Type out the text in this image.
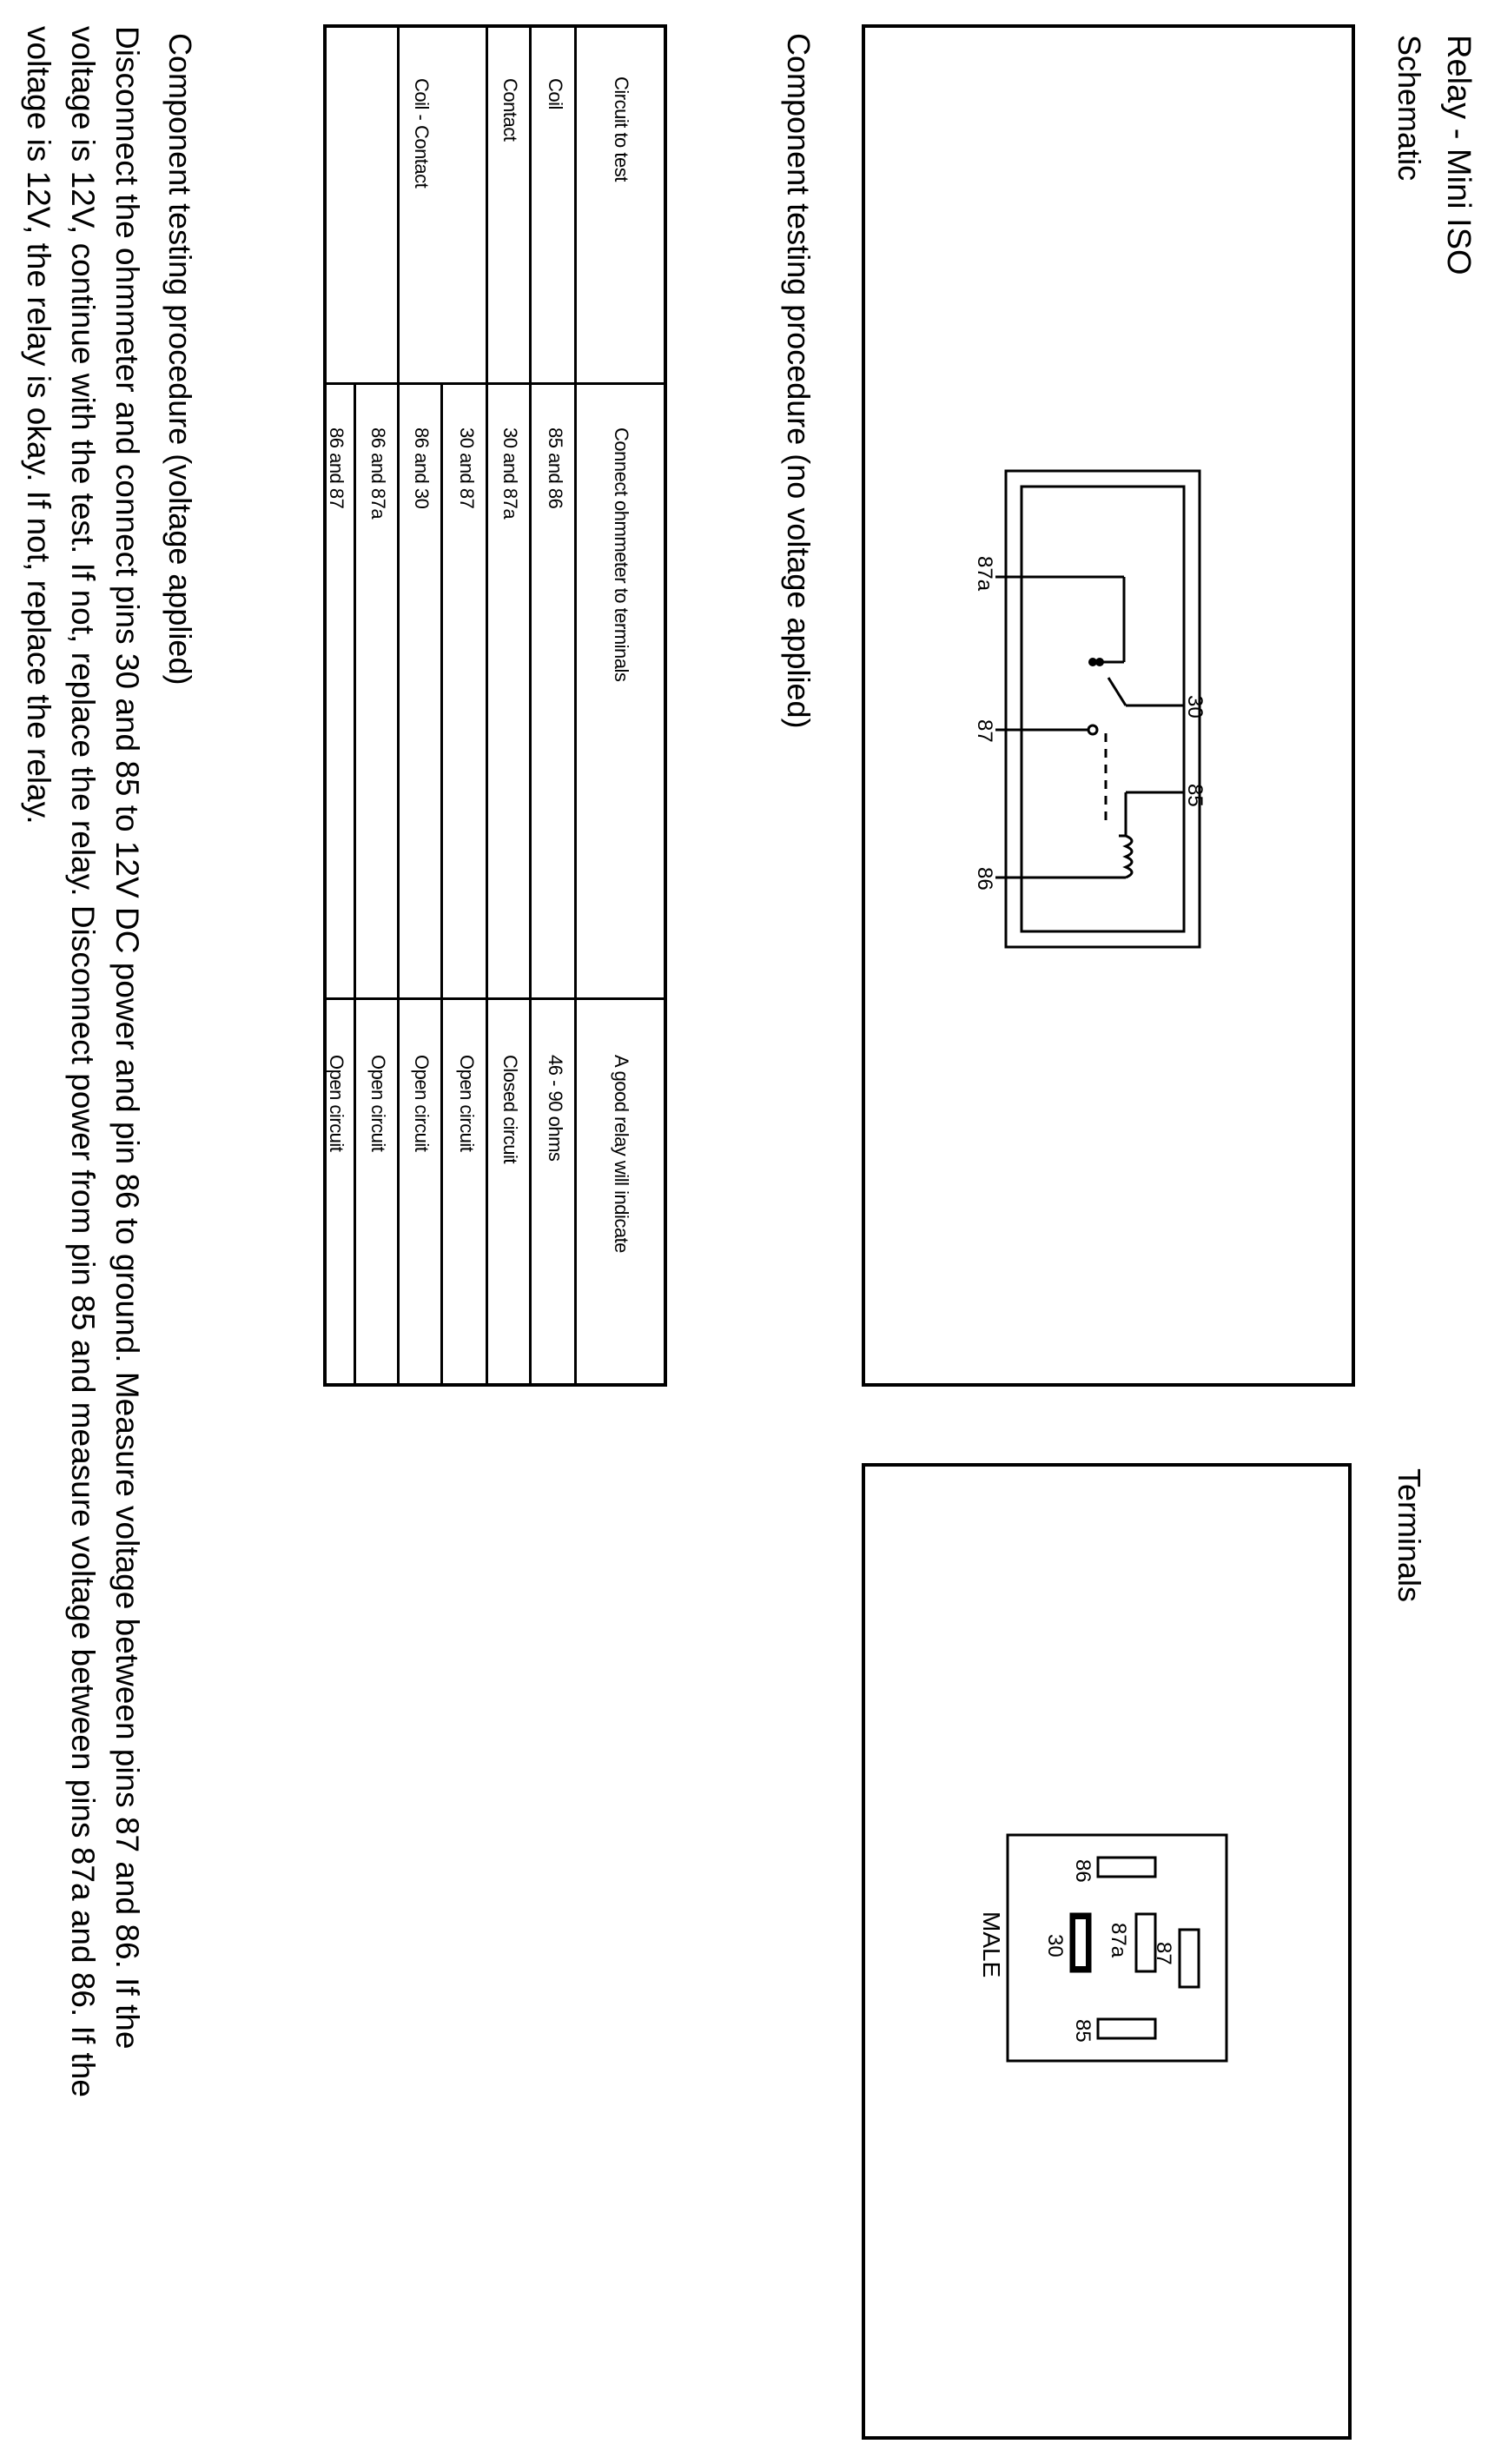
Relay - Mini ISO
Schematic
Terminals
30
85
87a
87
86
87
86
85
87a
30
MALE
Component testing procedure (no voltage applied)
Circuit to test
Connect ohmmeter to terminals
A good relay will indicate
Coil
85 and 86
46 - 90 ohms
Contact
30 and 87a
Closed circuit
30 and 87
Open circuit
Coil - Contact
86 and 30
Open circuit
86 and 87a
Open circuit
86 and 87
Open circuit
Component testing procedure (voltage applied)
Disconnect the ohmmeter and connect pins 30 and 85 to 12V DC power and pin 86 to ground. Measure voltage between pins 87 and 86. If the
voltage is 12V, continue with the test. If not, replace the relay. Disconnect power from pin 85 and measure voltage between pins 87a and 86. If the
voltage is 12V, the relay is okay. If not, replace the relay.
